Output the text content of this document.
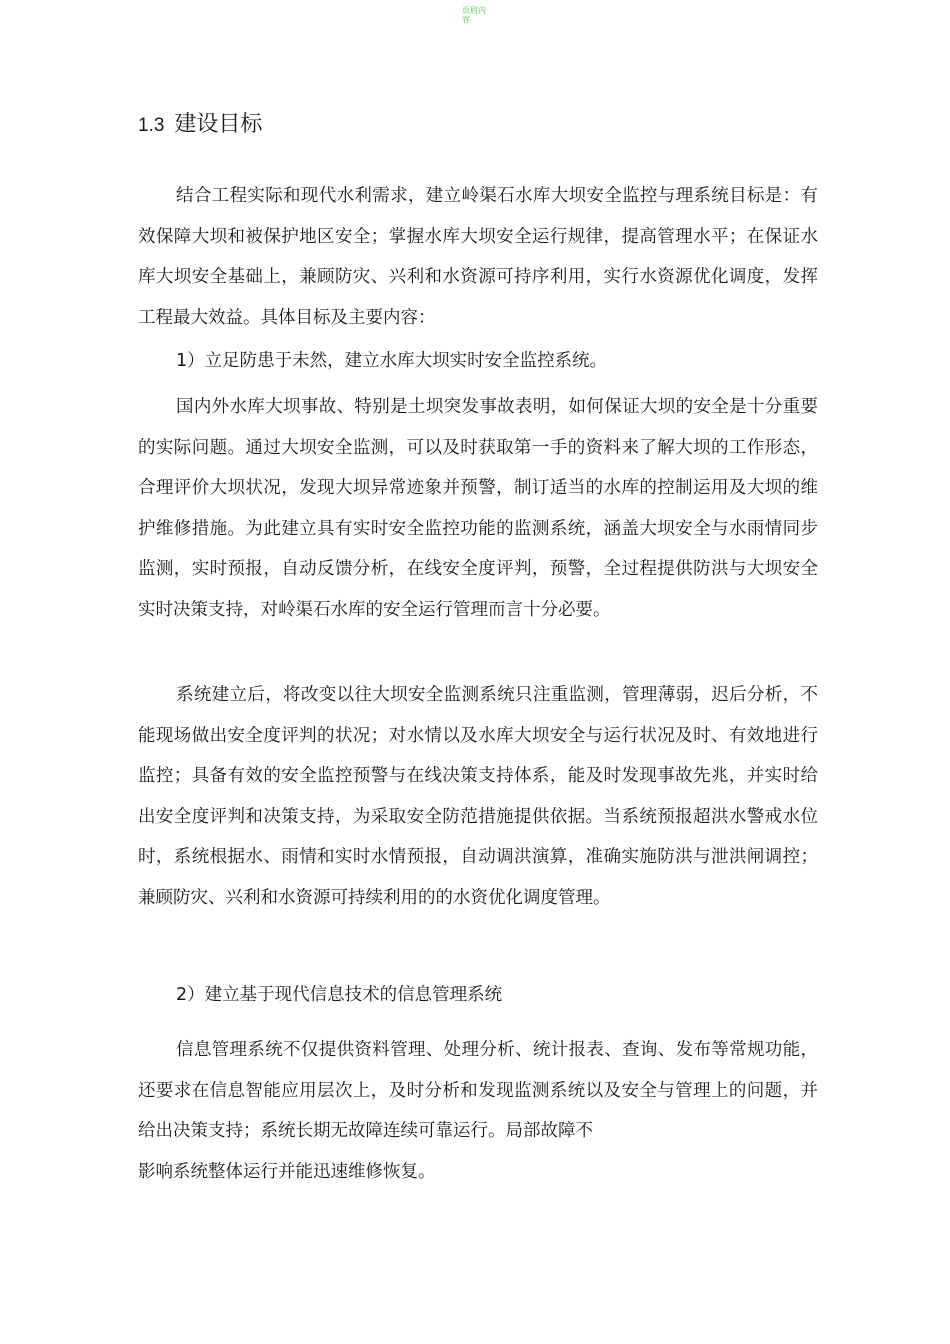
页眉内容
1.3 建设目标

结合工程实际和现代水利需求，建立岭渠石水库大坝安全监控与理系统目标是：有效保障大坝和被保护地区安全；掌握水库大坝安全运行规律，提高管理水平；在保证水库大坝安全基础上，兼顾防灾、兴利和水资源可持序利用，实行水资源优化调度，发挥工程最大效益。具体目标及主要内容：

1）立足防患于未然，建立水库大坝实时安全监控系统。

国内外水库大坝事故、特别是土坝突发事故表明，如何保证大坝的安全是十分重要的实际问题。通过大坝安全监测，可以及时获取第一手的资料来了解大坝的工作形态，合理评价大坝状况，发现大坝异常迹象并预警，制订适当的水库的控制运用及大坝的维护维修措施。为此建立具有实时安全监控功能的监测系统，涵盖大坝安全与水雨情同步监测，实时预报，自动反馈分析，在线安全度评判，预警，全过程提供防洪与大坝安全实时决策支持，对岭渠石水库的安全运行管理而言十分必要。

系统建立后，将改变以往大坝安全监测系统只注重监测，管理薄弱，迟后分析，不能现场做出安全度评判的状况；对水情以及水库大坝安全与运行状况及时、有效地进行监控；具备有效的安全监控预警与在线决策支持体系，能及时发现事故先兆，并实时给出安全度评判和决策支持，为采取安全防范措施提供依据。当系统预报超洪水警戒水位时，系统根据水、雨情和实时水情预报，自动调洪演算，准确实施防洪与泄洪闸调控；兼顾防灾、兴利和水资源可持续利用的的水资优化调度管理。

2）建立基于现代信息技术的信息管理系统

信息管理系统不仅提供资料管理、处理分析、统计报表、查询、发布等常规功能，还要求在信息智能应用层次上，及时分析和发现监测系统以及安全与管理上的问题，并给出决策支持；系统长期无故障连续可靠运行。局部故障不

影响系统整体运行并能迅速维修恢复。
